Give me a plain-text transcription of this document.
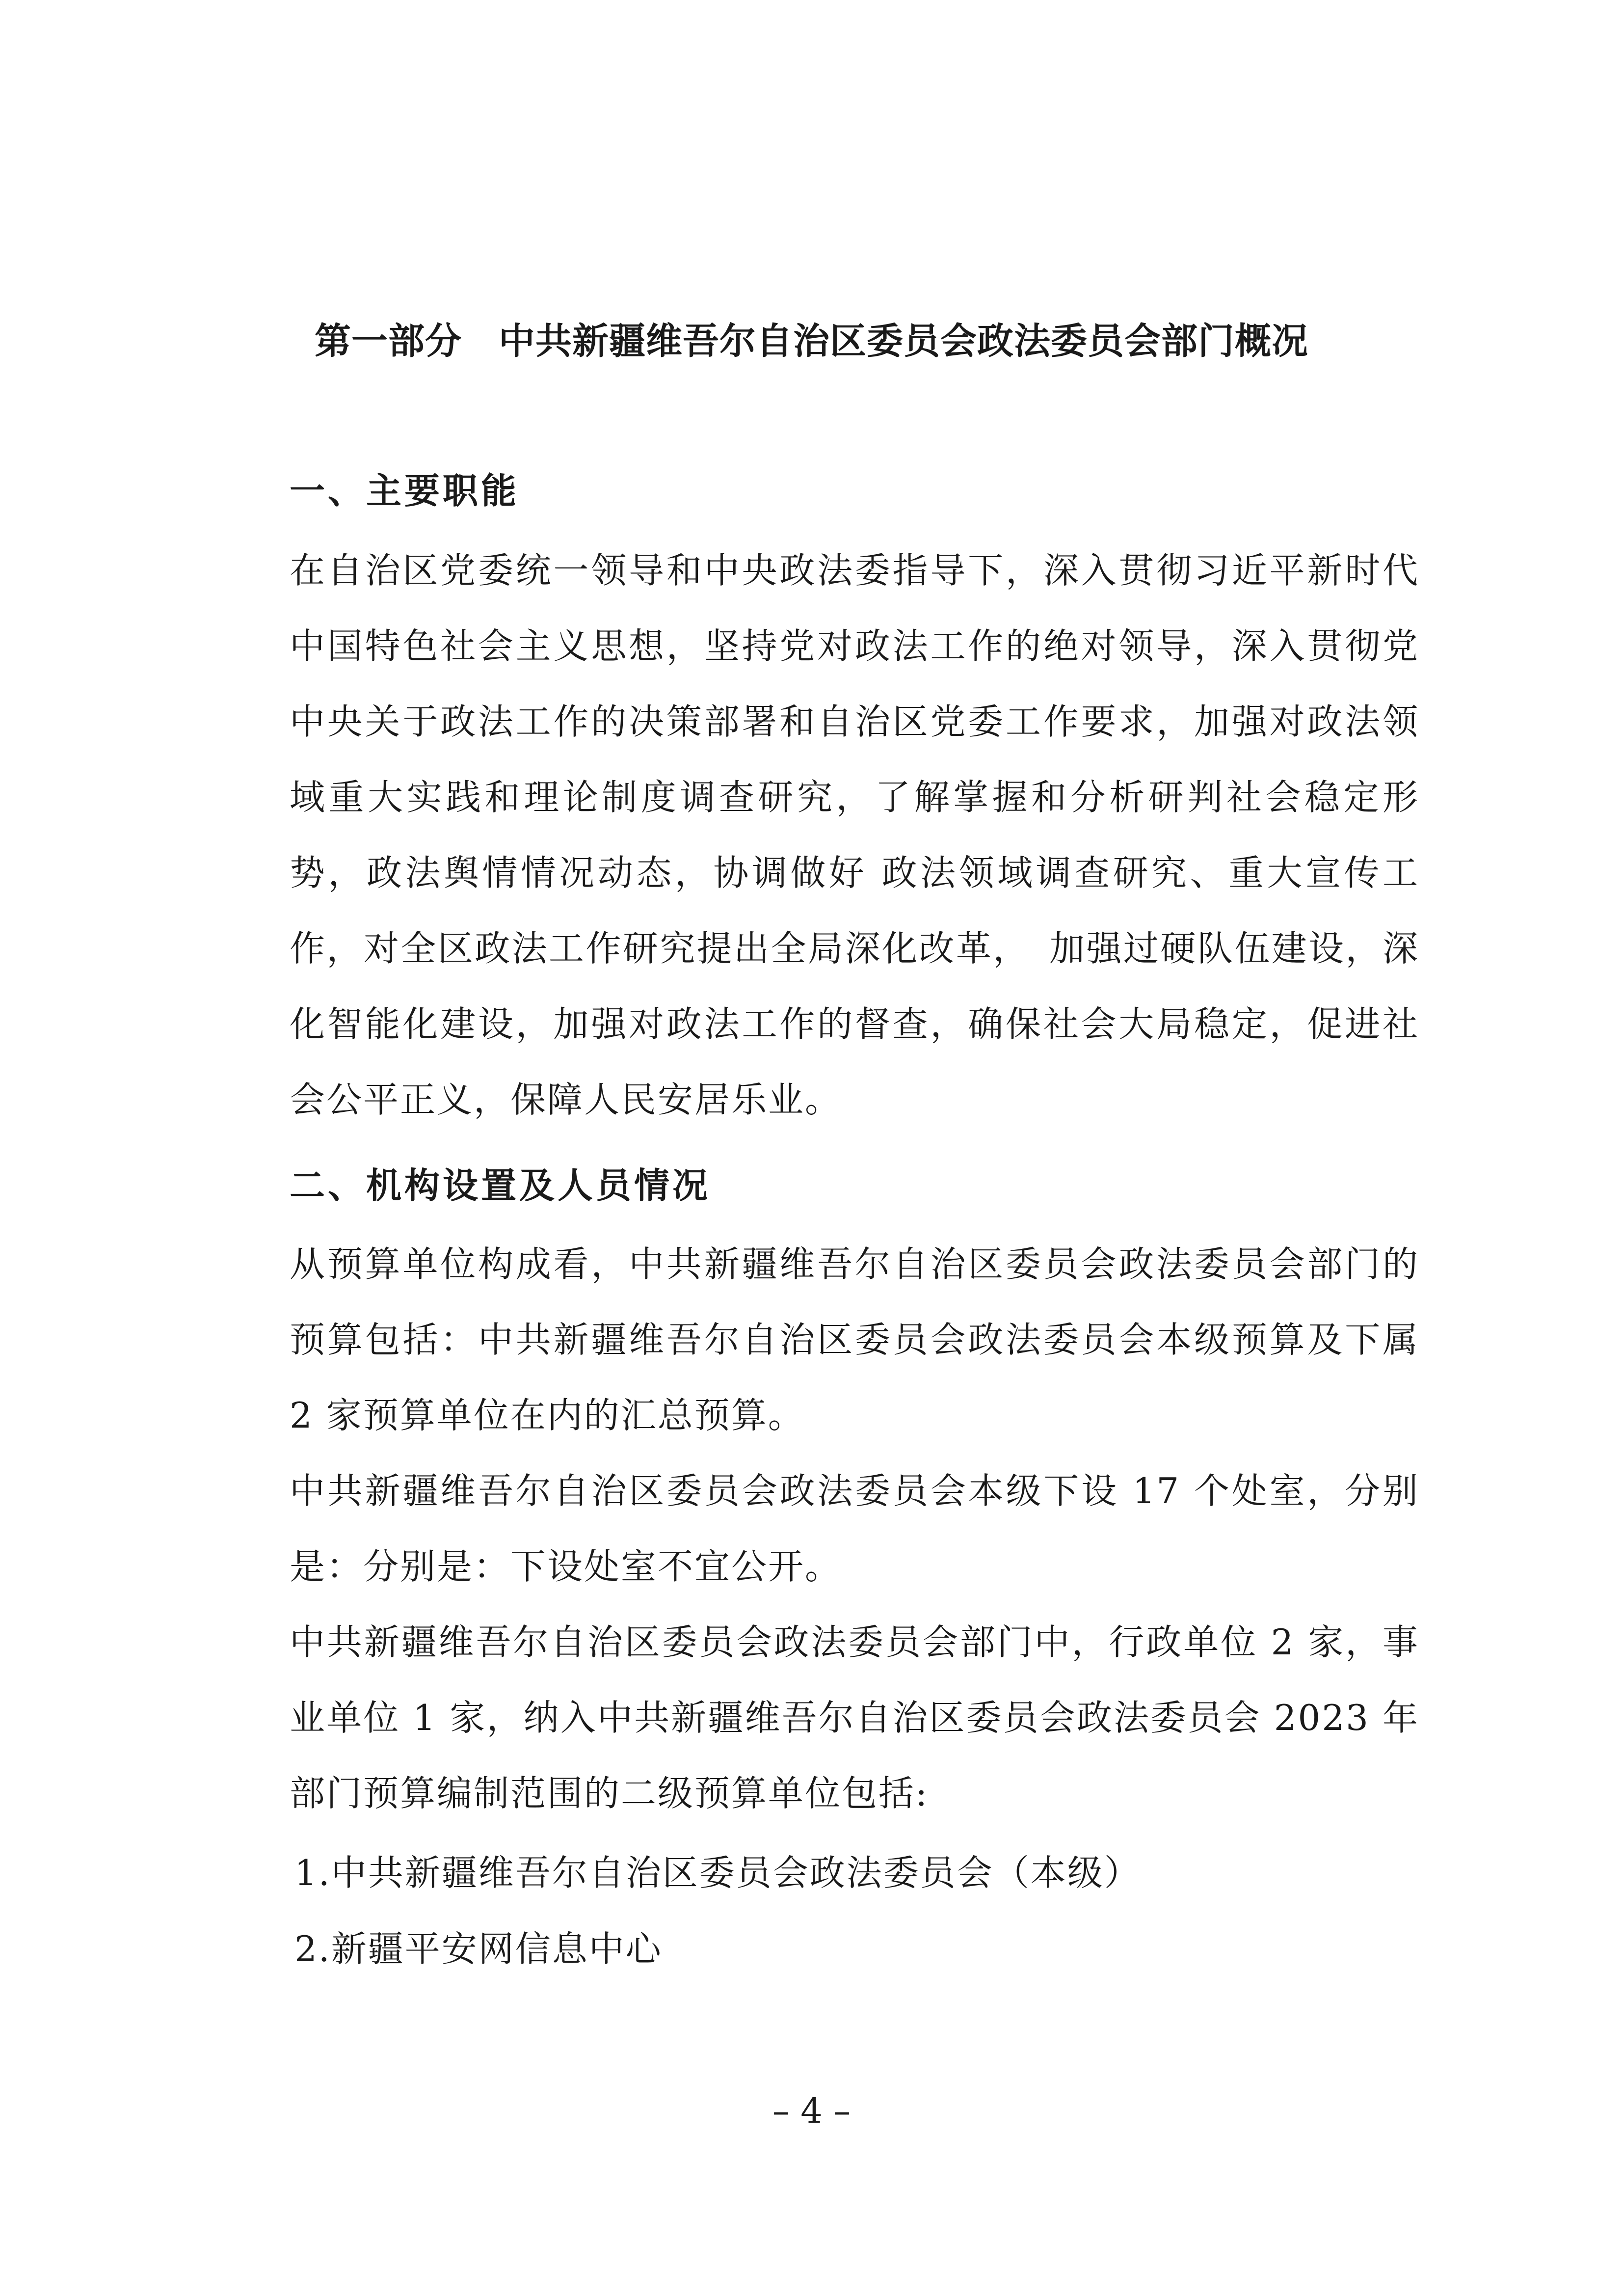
第一部分　中共新疆维吾尔自治区委员会政法委员会部门概况
一、主要职能
在自治区党委统一领导和中央政法委指导下，深入贯彻习近平新时代中国特色社会主义思想，坚持党对政法工作的绝对领导，深入贯彻党中央关于政法工作的决策部署和自治区党委工作要求，加强对政法领域重大实践和理论制度调查研究，了解掌握和分析研判社会稳定形势，政法舆情情况动态，协调做好 政法领域调查研究、重大宣传工作，对全区政法工作研究提出全局深化改革，　加强过硬队伍建设，深化智能化建设，加强对政法工作的督查，确保社会大局稳定，促进社会公平正义，保障人民安居乐业。
二、机构设置及人员情况
从预算单位构成看，中共新疆维吾尔自治区委员会政法委员会部门的预算包括：中共新疆维吾尔自治区委员会政法委员会本级预算及下属 2 家预算单位在内的汇总预算。
中共新疆维吾尔自治区委员会政法委员会本级下设 17 个处室，分别是：分别是：下设处室不宜公开。
中共新疆维吾尔自治区委员会政法委员会部门中，行政单位 2 家，事业单位 1 家，纳入中共新疆维吾尔自治区委员会政法委员会 2023 年部门预算编制范围的二级预算单位包括:
1.中共新疆维吾尔自治区委员会政法委员会（本级）
2.新疆平安网信息中心
– 4 –
